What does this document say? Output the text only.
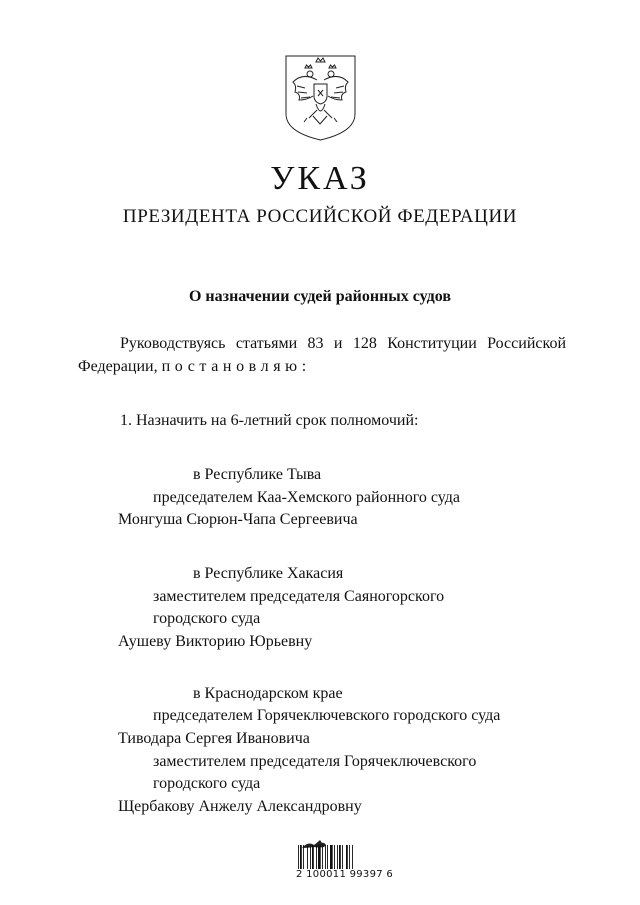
УКАЗ
ПРЕЗИДЕНТА РОССИЙСКОЙ ФЕДЕРАЦИИ
О назначении судей районных судов
Руководствуясь статьями 83 и 128 Конституции Российской
Федерации, постановляю:
1. Назначить на 6-летний срок полномочий:
в Республике Тыва
председателем Каа-Хемского районного суда
Монгуша Сюрюн-Чапа Сергеевича
в Республике Хакасия
заместителем председателя Саяногорского
городского суда
Аушеву Викторию Юрьевну
в Краснодарском крае
председателем Горячеключевского городского суда
Тиводара Сергея Ивановича
заместителем председателя Горячеключевского
городского суда
Щербакову Анжелу Александровну
2 100011 99397 6
